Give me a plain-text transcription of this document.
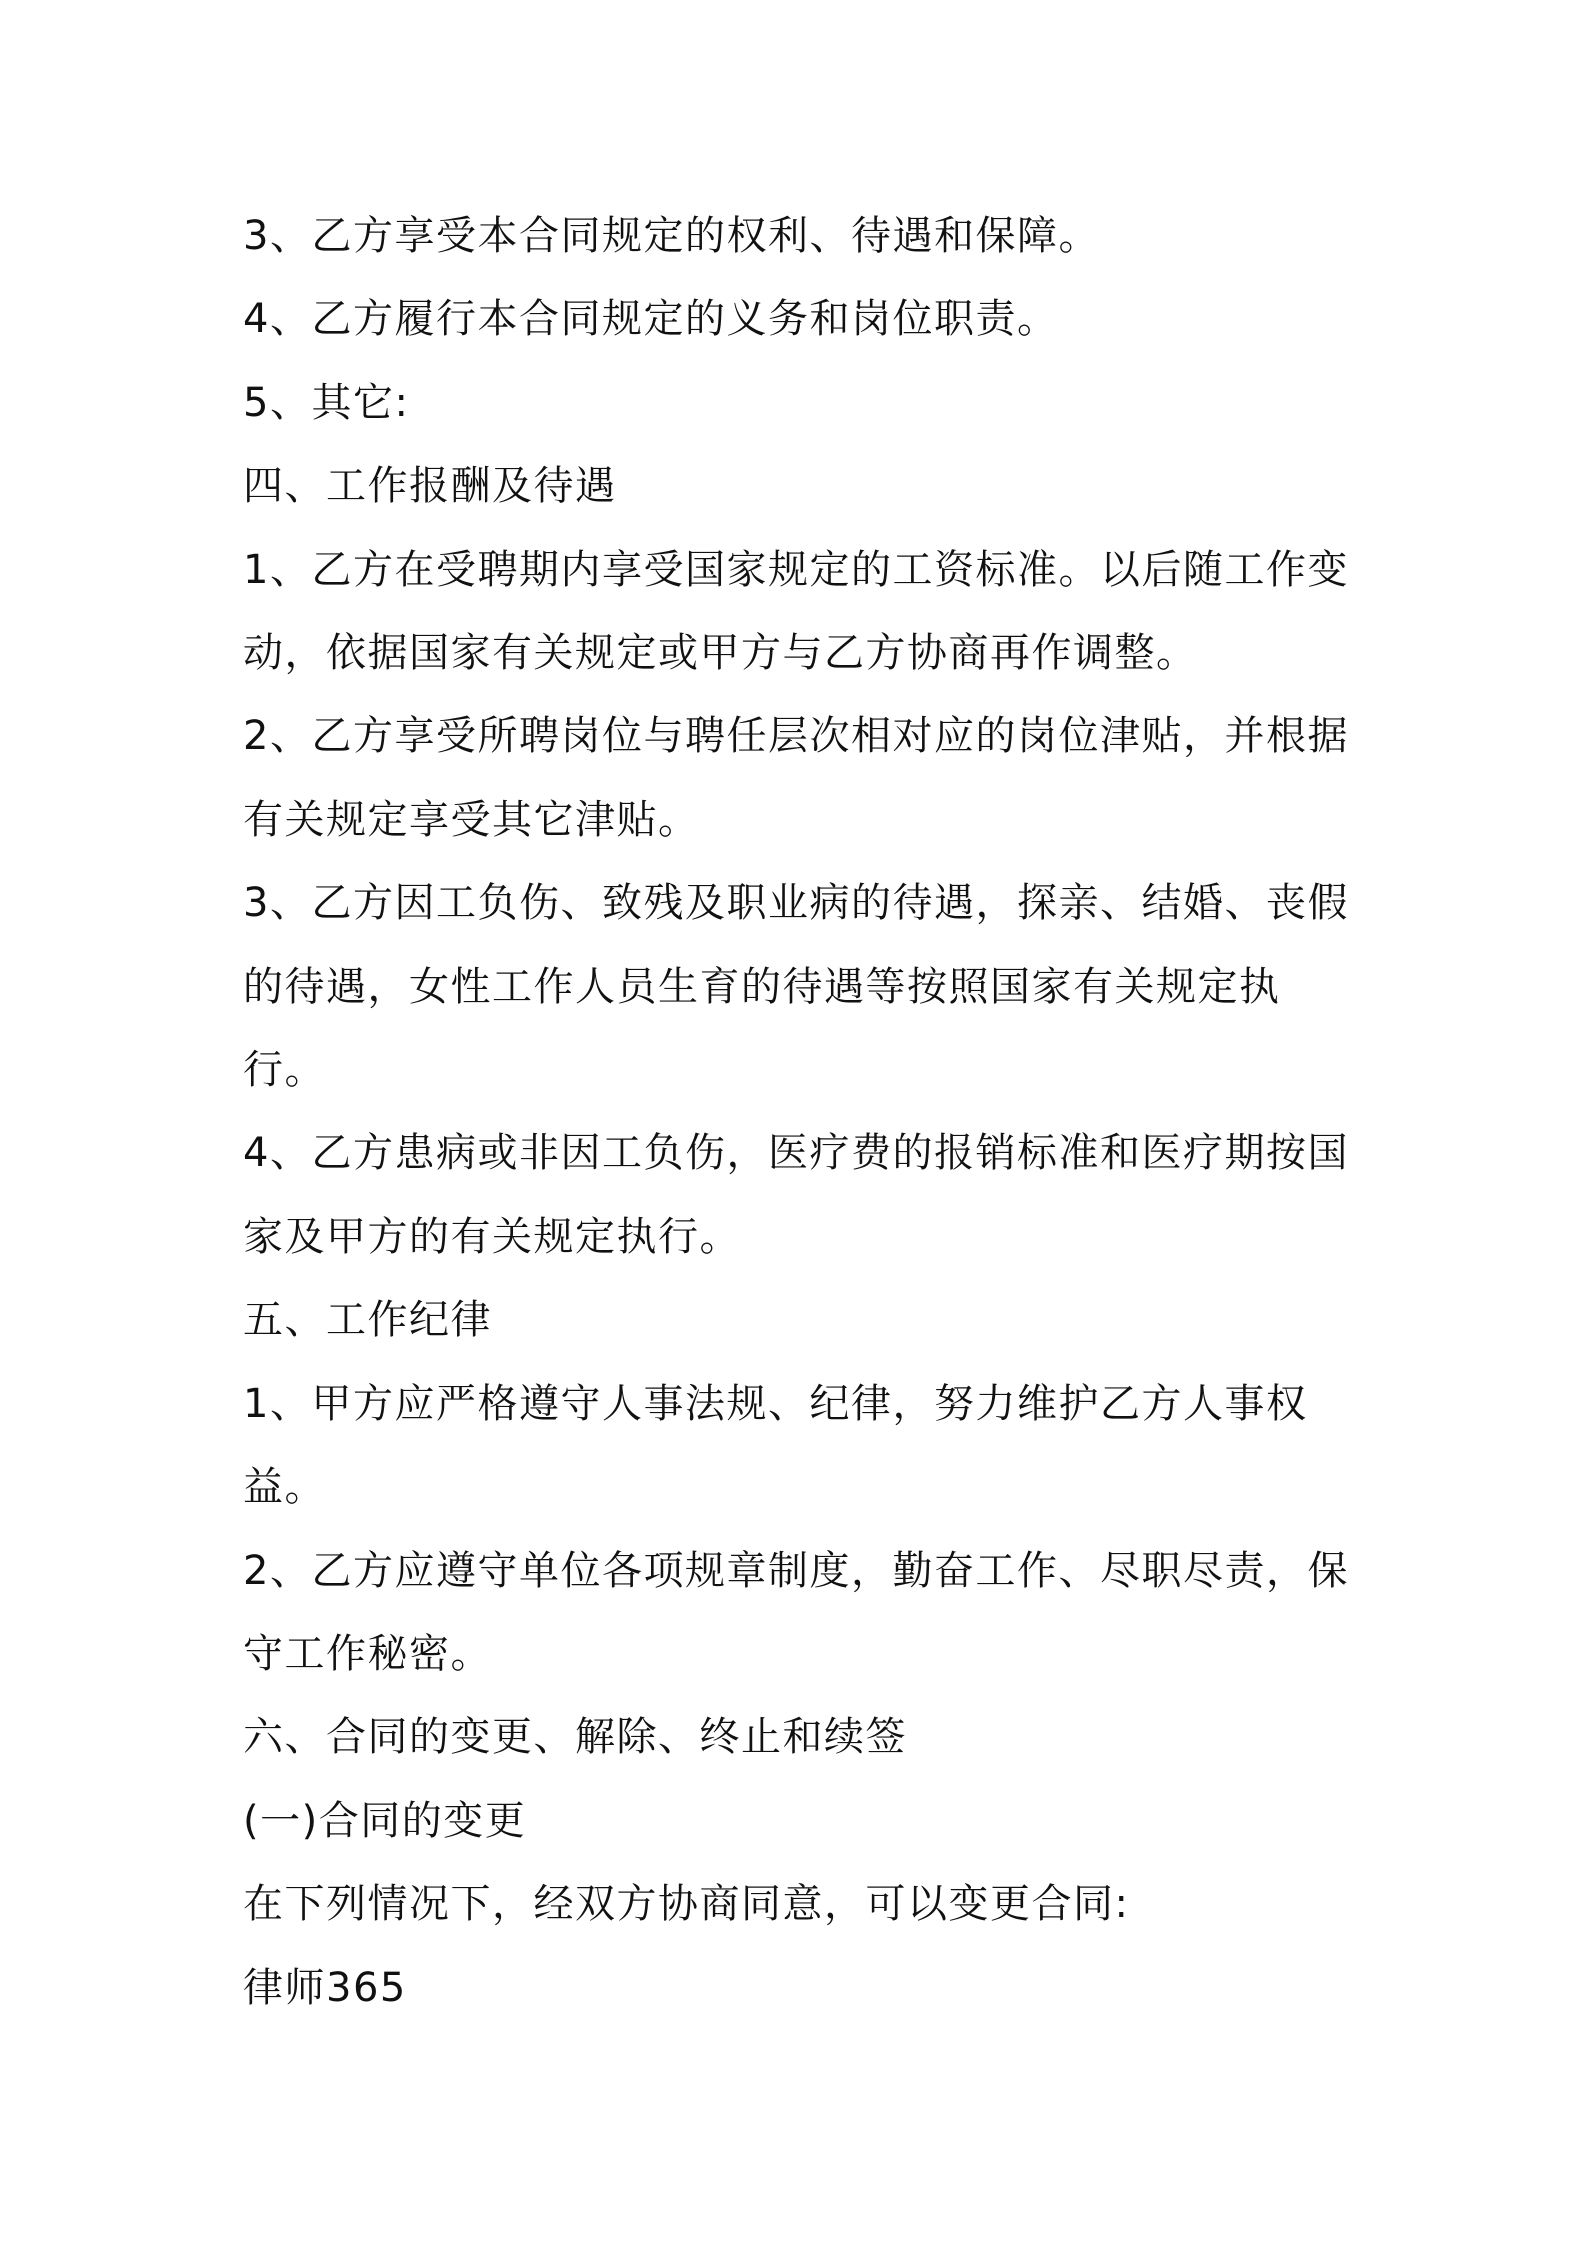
3、乙方享受本合同规定的权利、待遇和保障。

4、乙方履行本合同规定的义务和岗位职责。

5、其它:

四、工作报酬及待遇

1、乙方在受聘期内享受国家规定的工资标准。以后随工作变动，依据国家有关规定或甲方与乙方协商再作调整。

2、乙方享受所聘岗位与聘任层次相对应的岗位津贴，并根据有关规定享受其它津贴。

3、乙方因工负伤、致残及职业病的待遇，探亲、结婚、丧假的待遇，女性工作人员生育的待遇等按照国家有关规定执行。

4、乙方患病或非因工负伤，医疗费的报销标准和医疗期按国家及甲方的有关规定执行。

五、工作纪律

1、甲方应严格遵守人事法规、纪律，努力维护乙方人事权益。

2、乙方应遵守单位各项规章制度，勤奋工作、尽职尽责，保守工作秘密。

六、合同的变更、解除、终止和续签

(一)合同的变更

在下列情况下，经双方协商同意，可以变更合同:

律师365
